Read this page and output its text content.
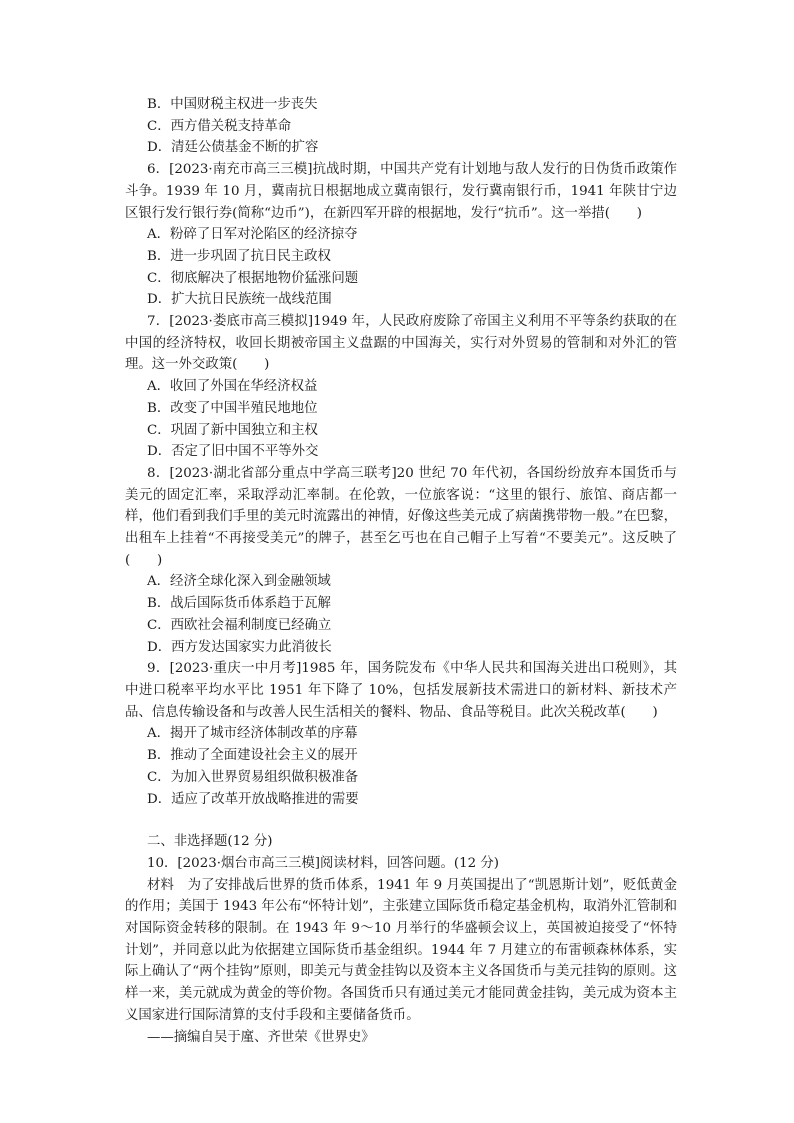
B．中国财税主权进一步丧失
C．西方借关税支持革命
D．清廷公债基金不断的扩容
6．[2023·南充市高三三模]抗战时期，中国共产党有计划地与敌人发行的日伪货币政策作斗争。1939 年 10 月，冀南抗日根据地成立冀南银行，发行冀南银行币，1941 年陕甘宁边区银行发行银行券(简称“边币”)，在新四军开辟的根据地，发行“抗币”。这一举措(　　)
A．粉碎了日军对沦陷区的经济掠夺
B．进一步巩固了抗日民主政权
C．彻底解决了根据地物价猛涨问题
D．扩大抗日民族统一战线范围
7．[2023·娄底市高三模拟]1949 年，人民政府废除了帝国主义利用不平等条约获取的在中国的经济特权，收回长期被帝国主义盘踞的中国海关，实行对外贸易的管制和对外汇的管理。这一外交政策(　　)
A．收回了外国在华经济权益
B．改变了中国半殖民地地位
C．巩固了新中国独立和主权
D．否定了旧中国不平等外交
8．[2023·湖北省部分重点中学高三联考]20 世纪 70 年代初，各国纷纷放弃本国货币与美元的固定汇率，采取浮动汇率制。在伦敦，一位旅客说：“这里的银行、旅馆、商店都一样，他们看到我们手里的美元时流露出的神情，好像这些美元成了病菌携带物一般。”在巴黎，出租车上挂着“不再接受美元”的牌子，甚至乞丐也在自己帽子上写着“不要美元”。这反映了(　　)
A．经济全球化深入到金融领域
B．战后国际货币体系趋于瓦解
C．西欧社会福利制度已经确立
D．西方发达国家实力此消彼长
9．[2023·重庆一中月考]1985 年，国务院发布《中华人民共和国海关进出口税则》，其中进口税率平均水平比 1951 年下降了 10%，包括发展新技术需进口的新材料、新技术产品、信息传输设备和与改善人民生活相关的餐料、物品、食品等税目。此次关税改革(　　)
A．揭开了城市经济体制改革的序幕
B．推动了全面建设社会主义的展开
C．为加入世界贸易组织做积极准备
D．适应了改革开放战略推进的需要
二、非选择题(12 分)
10．[2023·烟台市高三三模]阅读材料，回答问题。(12 分)
材料　为了安排战后世界的货币体系，1941 年 9 月英国提出了“凯恩斯计划”，贬低黄金的作用；美国于 1943 年公布“怀特计划”，主张建立国际货币稳定基金机构，取消外汇管制和对国际资金转移的限制。在 1943 年 9～10 月举行的华盛顿会议上，英国被迫接受了“怀特计划”，并同意以此为依据建立国际货币基金组织。1944 年 7 月建立的布雷顿森林体系，实际上确认了“两个挂钩”原则，即美元与黄金挂钩以及资本主义各国货币与美元挂钩的原则。这样一来，美元就成为黄金的等价物。各国货币只有通过美元才能同黄金挂钩，美元成为资本主义国家进行国际清算的支付手段和主要储备货币。
——摘编自吴于廑、齐世荣《世界史》
